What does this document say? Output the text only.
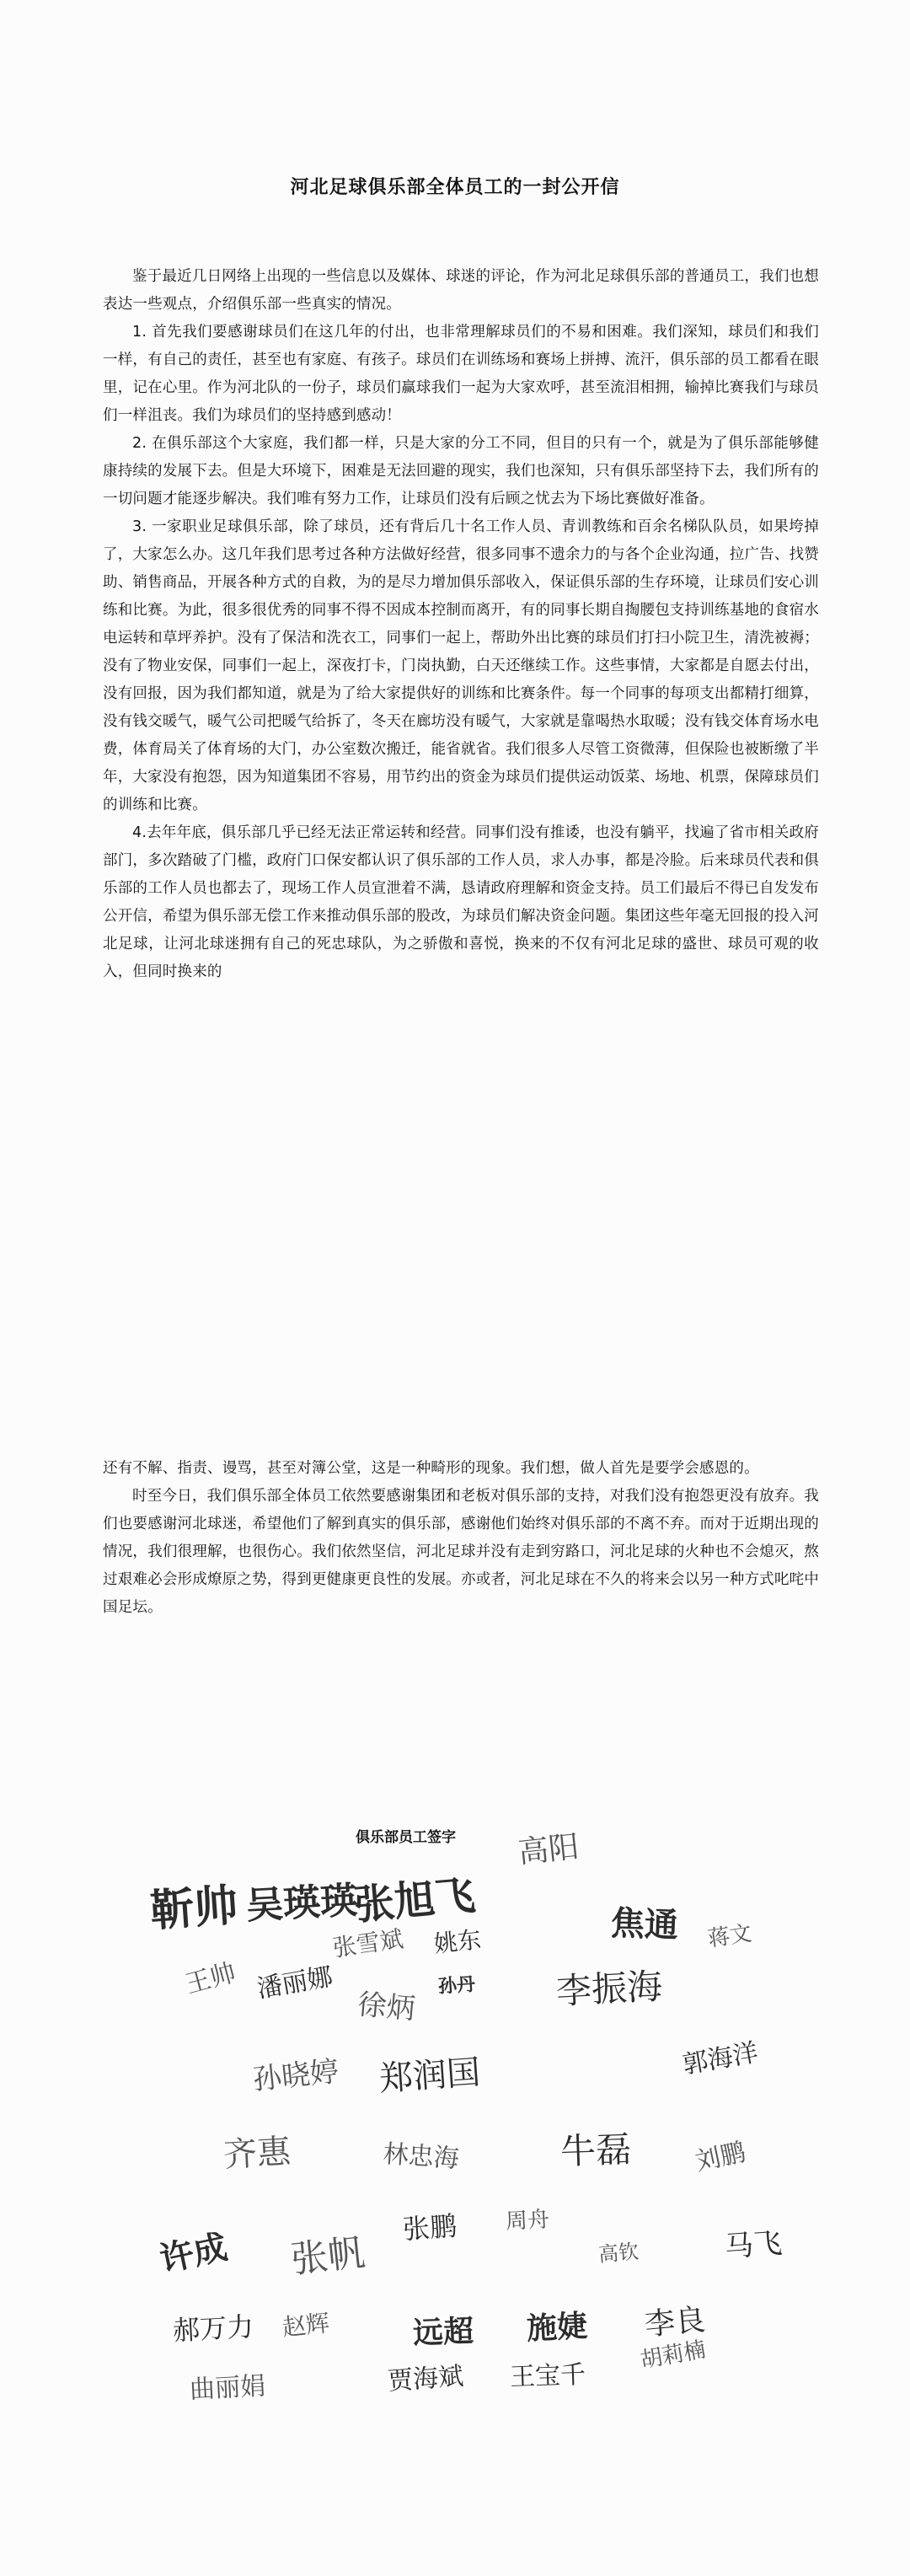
河北足球俱乐部全体员工的一封公开信

鉴于最近几日网络上出现的一些信息以及媒体、球迷的评论，作为河北足球俱乐部的普通员工，我们也想表达一些观点，介绍俱乐部一些真实的情况。

1. 首先我们要感谢球员们在这几年的付出，也非常理解球员们的不易和困难。我们深知，球员们和我们一样，有自己的责任，甚至也有家庭、有孩子。球员们在训练场和赛场上拼搏、流汗，俱乐部的员工都看在眼里，记在心里。作为河北队的一份子，球员们赢球我们一起为大家欢呼，甚至流泪相拥，输掉比赛我们与球员们一样沮丧。我们为球员们的坚持感到感动！

2. 在俱乐部这个大家庭，我们都一样，只是大家的分工不同，但目的只有一个，就是为了俱乐部能够健康持续的发展下去。但是大环境下，困难是无法回避的现实，我们也深知，只有俱乐部坚持下去，我们所有的一切问题才能逐步解决。我们唯有努力工作，让球员们没有后顾之忧去为下场比赛做好准备。

3. 一家职业足球俱乐部，除了球员，还有背后几十名工作人员、青训教练和百余名梯队队员，如果垮掉了，大家怎么办。这几年我们思考过各种方法做好经营，很多同事不遗余力的与各个企业沟通，拉广告、找赞助、销售商品，开展各种方式的自救，为的是尽力增加俱乐部收入，保证俱乐部的生存环境，让球员们安心训练和比赛。为此，很多很优秀的同事不得不因成本控制而离开，有的同事长期自掏腰包支持训练基地的食宿水电运转和草坪养护。没有了保洁和洗衣工，同事们一起上，帮助外出比赛的球员们打扫小院卫生，清洗被褥；没有了物业安保，同事们一起上，深夜打卡，门岗执勤，白天还继续工作。这些事情，大家都是自愿去付出，没有回报，因为我们都知道，就是为了给大家提供好的训练和比赛条件。每一个同事的每项支出都精打细算，没有钱交暖气，暖气公司把暖气给拆了，冬天在廊坊没有暖气，大家就是靠喝热水取暖；没有钱交体育场水电费，体育局关了体育场的大门，办公室数次搬迁，能省就省。我们很多人尽管工资微薄，但保险也被断缴了半年，大家没有抱怨，因为知道集团不容易，用节约出的资金为球员们提供运动饭菜、场地、机票，保障球员们的训练和比赛。

4.去年年底，俱乐部几乎已经无法正常运转和经营。同事们没有推诿，也没有躺平，找遍了省市相关政府部门，多次踏破了门槛，政府门口保安都认识了俱乐部的工作人员，求人办事，都是冷脸。后来球员代表和俱乐部的工作人员也都去了，现场工作人员宣泄着不满，恳请政府理解和资金支持。员工们最后不得已自发发布公开信，希望为俱乐部无偿工作来推动俱乐部的股改，为球员们解决资金问题。集团这些年毫无回报的投入河北足球，让河北球迷拥有自己的死忠球队，为之骄傲和喜悦，换来的不仅有河北足球的盛世、球员可观的收入，但同时换来的

还有不解、指责、谩骂，甚至对簿公堂，这是一种畸形的现象。我们想，做人首先是要学会感恩的。

时至今日，我们俱乐部全体员工依然要感谢集团和老板对俱乐部的支持，对我们没有抱怨更没有放弃。我们也要感谢河北球迷，希望他们了解到真实的俱乐部，感谢他们始终对俱乐部的不离不弃。而对于近期出现的情况，我们很理解，也很伤心。我们依然坚信，河北足球并没有走到穷路口，河北足球的火种也不会熄灭，熬过艰难必会形成燎原之势，得到更健康更良性的发展。亦或者，河北足球在不久的将来会以另一种方式叱咤中国足坛。

俱乐部员工签字
靳帅 吴瑛瑛
张旭飞
高阳
焦通 蒋文
王帅 潘丽娜
张雪斌 姚东
孙丹
徐炳	李振海
孙晓婷 郑润国	郭海洋
齐惠	林忠海	牛磊 刘鹏
许成 张帆
张鹏 周舟
高钦	马飞
郝万力 赵辉	远超 施婕 李良
曲丽娟	贾海斌 王宝千
胡莉楠
